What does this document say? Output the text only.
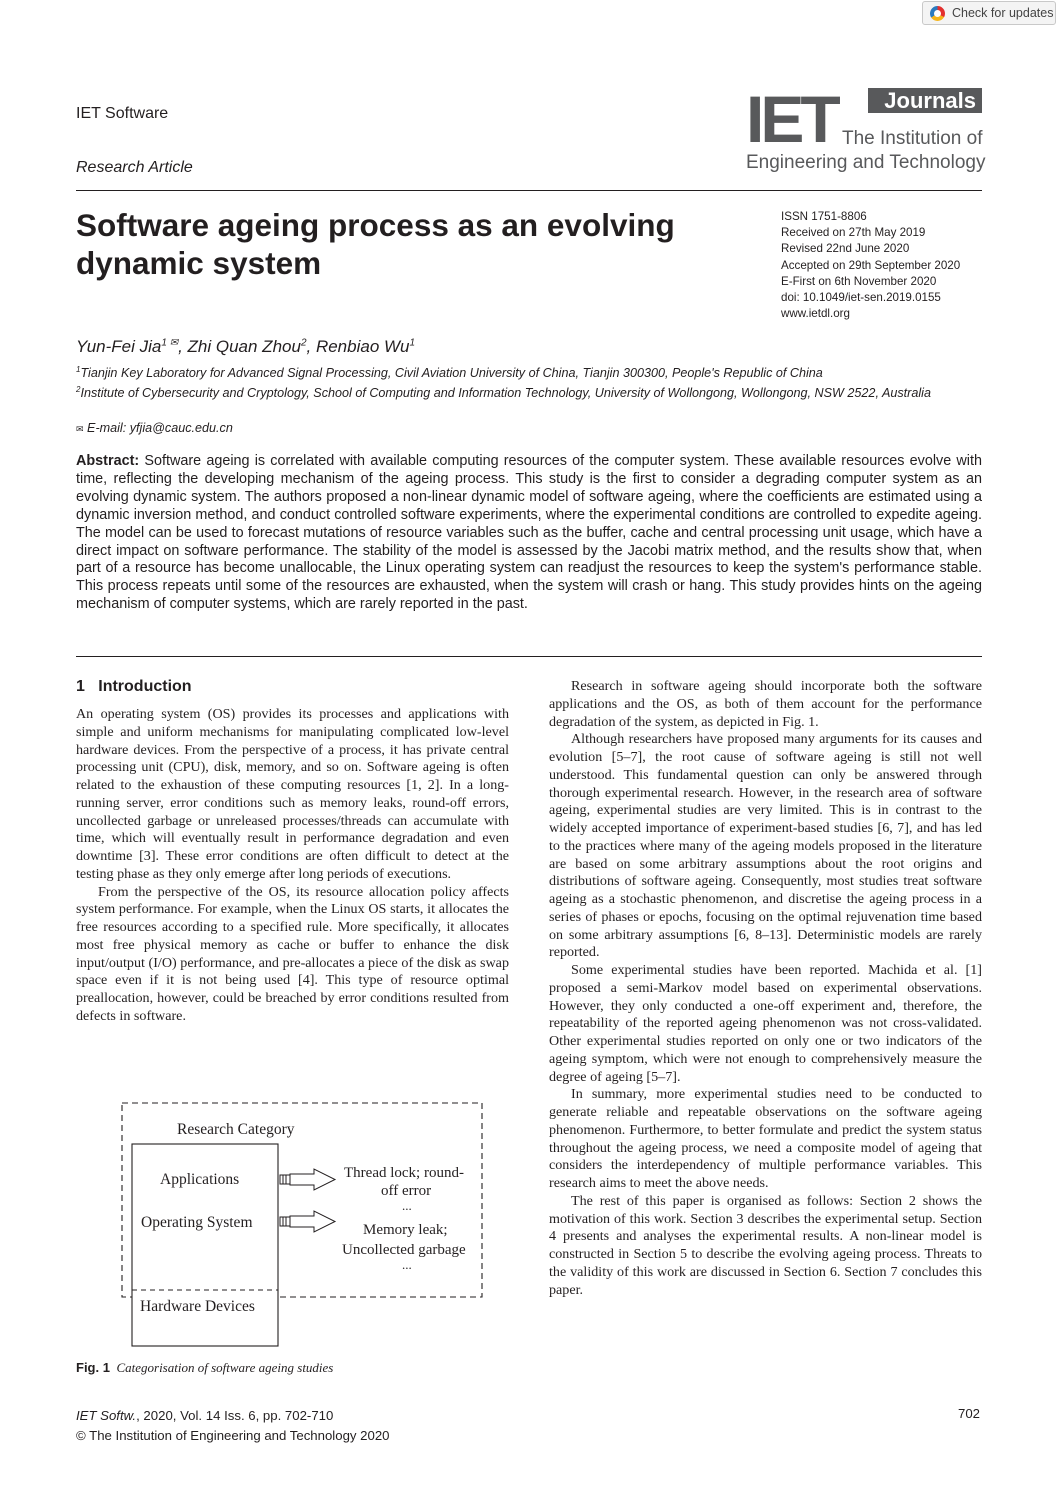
Check for updates
IET Software
Research Article
IET	Journals
The Institution of
Engineering and Technology
Software ageing process as an evolving dynamic system
ISSN 1751-8806
Received on 27th May 2019
Revised 22nd June 2020
Accepted on 29th September 2020
E-First on 6th November 2020
doi: 10.1049/iet-sen.2019.0155
www.ietdl.org
Yun-Fei Jia$^{1 ✉}$, Zhi Quan Zhou$^2$, Renbiao Wu$^1$
$^1$Tianjin Key Laboratory for Advanced Signal Processing, Civil Aviation University of China, Tianjin 300300, People's Republic of China
$^2$Institute of Cybersecurity and Cryptology, School of Computing and Information Technology, University of Wollongong, Wollongong, NSW 2522, Australia
✉ E-mail: yfjia@cauc.edu.cn
Abstract: Software ageing is correlated with available computing resources of the computer system. These available resources evolve with time, reflecting the developing mechanism of the ageing process. This study is the first to consider a degrading computer system as an evolving dynamic system. The authors proposed a non-linear dynamic model of software ageing, where the coefficients are estimated using a dynamic inversion method, and conduct controlled software experiments, where the experimental conditions are controlled to expedite ageing. The model can be used to forecast mutations of resource variables such as the buffer, cache and central processing unit usage, which have a direct impact on software performance. The stability of the model is assessed by the Jacobi matrix method, and the results show that, when part of a resource has become unallocable, the Linux operating system can readjust the resources to keep the system's performance stable. This process repeats until some of the resources are exhausted, when the system will crash or hang. This study provides hints on the ageing mechanism of computer systems, which are rarely reported in the past.
1 Introduction

An operating system (OS) provides its processes and applications with simple and uniform mechanisms for manipulating complicated low-level hardware devices. From the perspective of a process, it has private central processing unit (CPU), disk, memory, and so on. Software ageing is often related to the exhaustion of these computing resources [1, 2]. In a long-running server, error conditions such as memory leaks, round-off errors, uncollected garbage or unreleased processes/threads can accumulate with time, which will eventually result in performance degradation and even downtime [3]. These error conditions are often difficult to detect at the testing phase as they only emerge after long periods of executions.

From the perspective of the OS, its resource allocation policy affects system performance. For example, when the Linux OS starts, it allocates the free resources according to a specified rule. More specifically, it allocates most free physical memory as cache or buffer to enhance the disk input/output (I/O) performance, and pre-allocates a piece of the disk as swap space even if it is not being used [4]. This type of resource optimal preallocation, however, could be breached by error conditions resulted from defects in software.

Research Category
Applications
Operating System
Hardware Devices
Thread lock; round-
off error
...
Memory leak;
Uncollected garbage
...
Fig. 1 Categorisation of software ageing studies

Research in software ageing should incorporate both the software applications and the OS, as both of them account for the performance degradation of the system, as depicted in Fig. 1.

Although researchers have proposed many arguments for its causes and evolution [5–7], the root cause of software ageing is still not well understood. This fundamental question can only be answered through thorough experimental research. However, in the research area of software ageing, experimental studies are very limited. This is in contrast to the widely accepted importance of experiment-based studies [6, 7], and has led to the practices where many of the ageing models proposed in the literature are based on some arbitrary assumptions about the root origins and distributions of software ageing. Consequently, most studies treat software ageing as a stochastic phenomenon, and discretise the ageing process in a series of phases or epochs, focusing on the optimal rejuvenation time based on some arbitrary assumptions [6, 8–13]. Deterministic models are rarely reported.

Some experimental studies have been reported. Machida et al. [1] proposed a semi-Markov model based on experimental observations. However, they only conducted a one-off experiment and, therefore, the repeatability of the reported ageing phenomenon was not cross-validated. Other experimental studies reported on only one or two indicators of the ageing symptom, which were not enough to comprehensively measure the degree of ageing [5–7].

In summary, more experimental studies need to be conducted to generate reliable and repeatable observations on the software ageing phenomenon. Furthermore, to better formulate and predict the system status throughout the ageing process, we need a composite model of ageing that considers the interdependency of multiple performance variables. This research aims to meet the above needs.

The rest of this paper is organised as follows: Section 2 shows the motivation of this work. Section 3 describes the experimental setup. Section 4 presents and analyses the experimental results. A non-linear model is constructed in Section 5 to describe the evolving ageing process. Threats to the validity of this work are discussed in Section 6. Section 7 concludes this paper.

IET Softw., 2020, Vol. 14 Iss. 6, pp. 702-710
© The Institution of Engineering and Technology 2020
702
